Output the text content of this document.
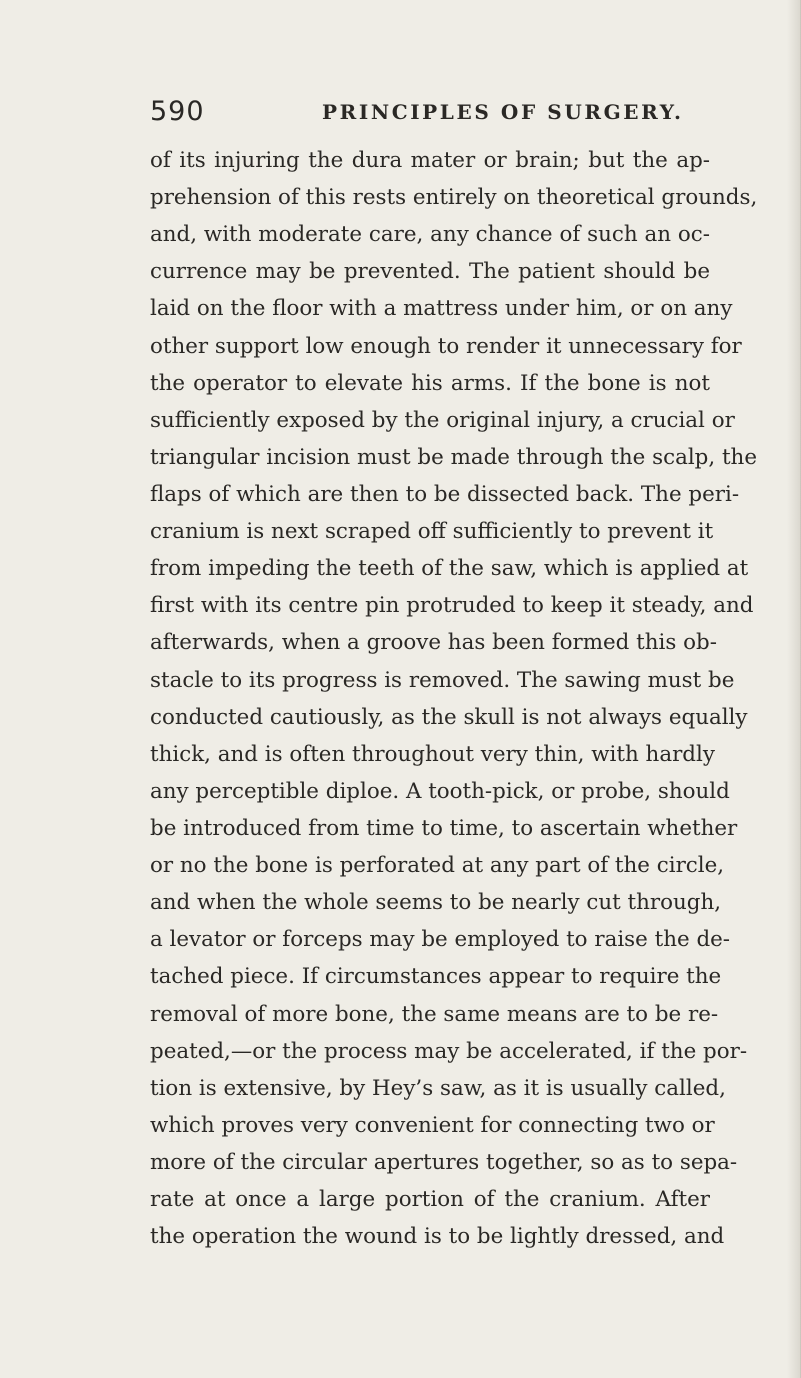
590	PRINCIPLES OF SURGERY.
of its injuring the dura mater or brain; but the ap-
prehension of this rests entirely on theoretical grounds,
and, with moderate care, any chance of such an oc-
currence may be prevented. The patient should be
laid on the floor with a mattress under him, or on any
other support low enough to render it unnecessary for
the operator to elevate his arms. If the bone is not
sufficiently exposed by the original injury, a crucial or
triangular incision must be made through the scalp, the
flaps of which are then to be dissected back. The peri-
cranium is next scraped off sufficiently to prevent it
from impeding the teeth of the saw, which is applied at
first with its centre pin protruded to keep it steady, and
afterwards, when a groove has been formed this ob-
stacle to its progress is removed. The sawing must be
conducted cautiously, as the skull is not always equally
thick, and is often throughout very thin, with hardly
any perceptible diploe. A tooth-pick, or probe, should
be introduced from time to time, to ascertain whether
or no the bone is perforated at any part of the circle,
and when the whole seems to be nearly cut through,
a levator or forceps may be employed to raise the de-
tached piece. If circumstances appear to require the
removal of more bone, the same means are to be re-
peated,—or the process may be accelerated, if the por-
tion is extensive, by Hey’s saw, as it is usually called,
which proves very convenient for connecting two or
more of the circular apertures together, so as to sepa-
rate at once a large portion of the cranium. After
the operation the wound is to be lightly dressed, and
